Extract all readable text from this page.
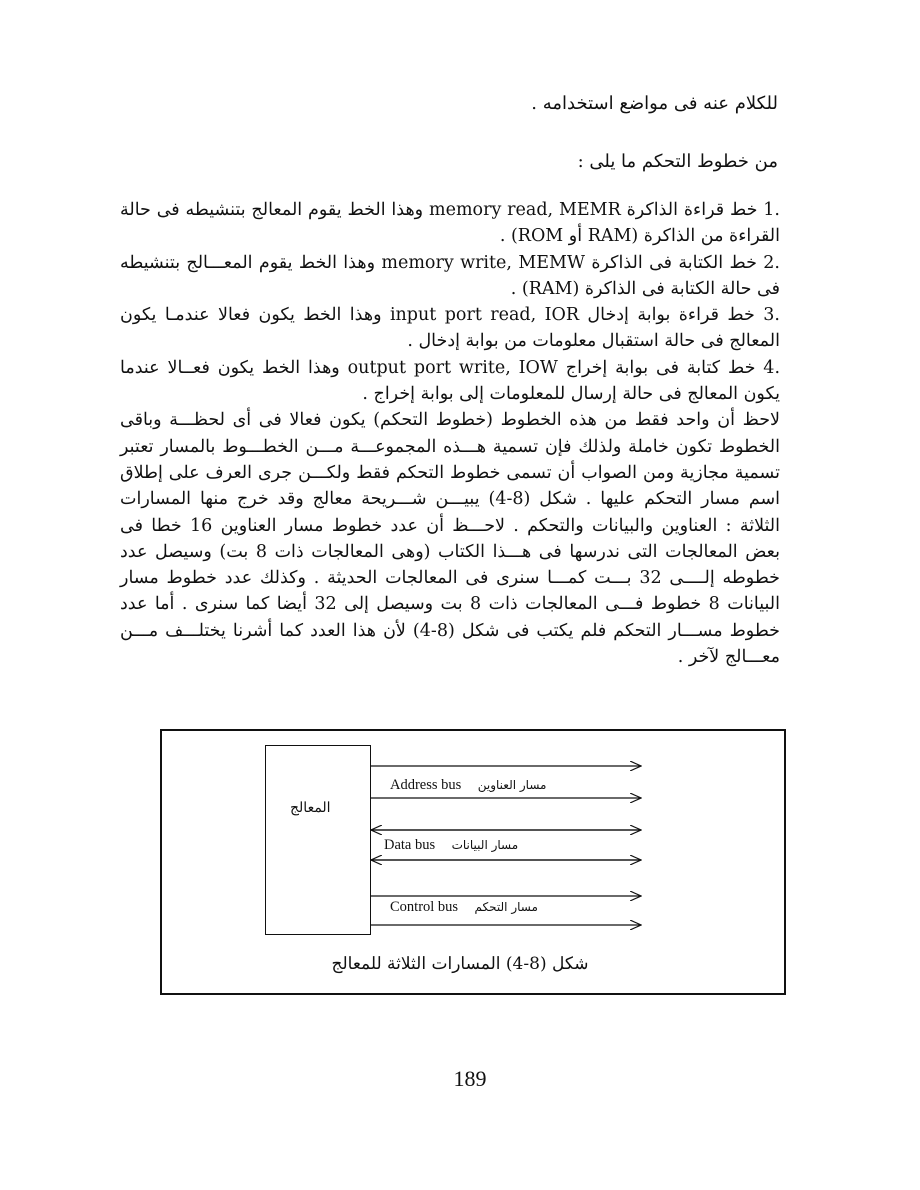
للكلام عنه فى مواضع استخدامه .
من خطوط التحكم ما يلى :

.1 خط قراءة الذاكرة memory read, MEMR وهذا الخط يقوم المعالج بتنشيطه فى حالة القراءة من الذاكرة (RAM أو ROM) .

.2 خط الكتابة فى الذاكرة memory write, MEMW وهذا الخط يقوم المعـــالج بتنشيطه فى حالة الكتابة فى الذاكرة (RAM) .

.3 خط قراءة بوابة إدخال input port read, IOR وهذا الخط يكون فعالا عندمـا يكون المعالج فى حالة استقبال معلومات من بوابة إدخال .

.4 خط كتابة فى بوابة إخراج output port write, IOW وهذا الخط يكون فعــالا عندما يكون المعالج فى حالة إرسال للمعلومات إلى بوابة إخراج .

لاحظ أن واحد فقط من هذه الخطوط (خطوط التحكم) يكون فعالا فى أى لحظـــة وباقى الخطوط تكون خاملة ولذلك فإن تسمية هـــذه المجموعـــة مـــن الخطـــوط بالمسار تعتبر تسمية مجازية ومن الصواب أن تسمى خطوط التحكم فقط ولكـــن جرى العرف على إطلاق اسم مسار التحكم عليها . شكل (8-4) يبيـــن شـــريحة معالج وقد خرج منها المسارات الثلاثة : العناوين والبيانات والتحكم . لاحـــظ أن عدد خطوط مسار العناوين 16 خطا فى بعض المعالجات التى ندرسها فى هـــذا الكتاب (وهى المعالجات ذات 8 بت) وسيصل عدد خطوطه إلــــى 32 بـــت كمـــا سنرى فى المعالجات الحديثة . وكذلك عدد خطوط مسار البيانات 8 خطوط فـــى المعالجات ذات 8 بت وسيصل إلى 32 أيضا كما سنرى . أما عدد خطوط مســـار التحكم فلم يكتب فى شكل (8-4) لأن هذا العدد كما أشرنا يختلـــف مـــن معـــالج لآخر .

المعالج
Address bus مسار العناوين
Data bus مسار البيانات
Control bus مسار التحكم
شكل (8-4) المسارات الثلاثة للمعالج
189
